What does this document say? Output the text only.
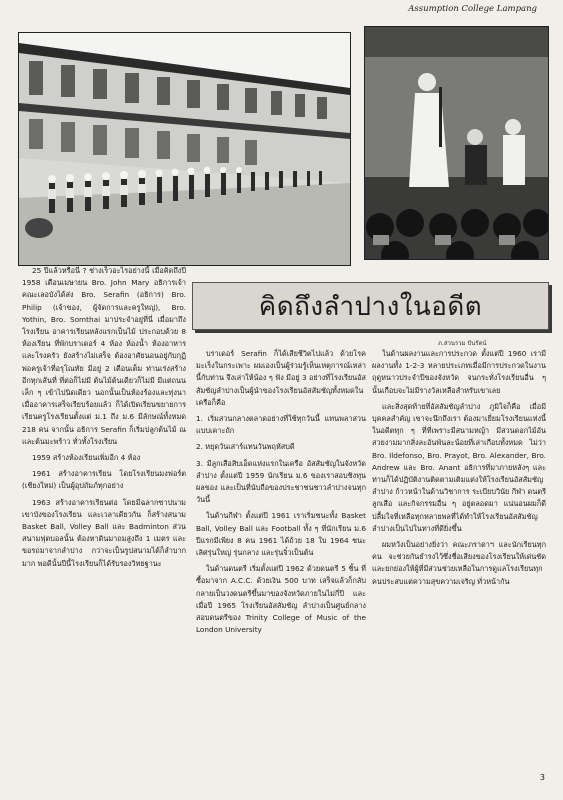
Assumption College Lampang
คิดถึงลำปางในอดีต
ภ.ส่วนรวม ปันรัตน์

25 ปีแล้วหรือนี่ ? ช่างเร็วอะไรอย่างนี้ เมื่อคิดถึงปี 1958 เดือนเมษายน Bro. John Mary อธิการเจ้าคณะเลอบังได้ส่ง Bro. Serafin (อธิการ) Bro. Philip (เจ้าของ, ผู้จัดการและครูใหญ่), Bro. Yothin, Bro. Somthai มาประจำอยู่ที่นี่ เมื่อมาถึงโรงเรียน อาคารเรียนหลังแรกเป็นไม้ ประกอบด้วย 8 ห้องเรียน ที่พักบราเดอร์ 4 ห้อง ห้องน้ำ ห้องอาหาร และโรงครัว ยังสร้างไม่เสร็จ ต้องอาศัยนอนอยู่กับกุฏิพ่อครูเจ้าที่อรุโณทัย มีอยู่ 2 เดือนเต็ม ท่านเร่งสร้างอีกทุกเส้นที่ ที่ต่อก็ไม่มี ต้นไม้ต้นเดียวก็ไม่มี มีแต่ถนนเล็ก ๆ เข้าไปนิดเดียว นอกนั้นเป็นห้องร้องและทุ่งนา เมื่ออาคารเสร็จเรียบร้อยแล้ว ก็ได้เปิดเรียนขยายการเรียนครูโรงเรียนตั้งแต่ ม.1 ถึง ม.6 มีลักษณ์ทั้งหมด 218 คน จากนั้น อธิการ Serafin ก็เริ่มปลูกต้นไม้ ณ และต้นมะพร้าว ทั่วทั้งโรงเรียน

1959 สร้างห้องเรียนเพิ่มอีก 4 ห้อง

1961 สร้างอาคารเรียน โดยโรงเรียนมงฟอร์ต (เชียงใหม่) เป็นผู้อุปถัมภ์ทุกอย่าง

1963 สร้างอาคารเรียนต่อ โดยมีฉลากซาปนามเขาบังของโรงเรียน และเวลาเดียวกัน ก็สร้างสนาม Basket Ball, Volley Ball และ Badminton ส่วนสนามฟุตบอลนั้น ต้องหาดินมาถมสูงถึง 1 เมตร และขอรถมาจากลำปาง กว่าจะเป็นรูปสนามได้ก็ลำบากมาก พอดีนั้นปีนี้โรงเรียนก็ได้รับรองวิทยฐานะ

บราเดอร์ Serafin ก็ได้เสียชีวิตไปแล้ว ด้วยโรคมะเร็งในกระเพาะ ผมเองเป็นผู้ร่วมรู้เห็นเหตุการณ์เหล่านี้กับท่าน จึงเล่าให้น้อง ๆ ฟัง มีอยู่ 3 อย่างที่โรงเรียนอัสสัมชัญลำปางเป็นผู้นำของโรงเรียนอัสสัมชัญทั้งหมดในเครือก็คือ

1. เริ่มสวนกลางตลาดอย่างที่ใช้ทุกวันนี้ แทนพลาสวนแบบเคาะถัก

2. หยุดวันเสาร์แทนวันพฤหัสบดี

3. มีลูกเสือสิบเอ็ดแห่งแรกในเครือ อัสสัมชัญในจังหวัดลำปาง ตั้งแต่ปี 1959 นักเรียน ม.6 ของเราสอบชิงทุนผลของ และเป็นที่นับถือของประชาชนชาวลำปางจนทุกวันนี้

ในด้านกีฬา ตั้งแต่ปี 1961 เราเริ่มชนะทั้ง Basket Ball, Volley Ball และ Football ทั้ง ๆ ที่นักเรียน ม.6 ปีแรกมีเพียง 8 คน 1961 ได้ถ้วย 18 ใบ 1964 ชนะเลิศรุ่นใหญ่ รุ่นกลาง และรุ่นจิ๋วเป็นต้น

ในด้านดนตรี เริ่มตั้งแต่ปี 1962 ด้วยดนตรี 5 ชิ้น ที่ซื้อมาจาก A.C.C. ด้วยเงิน 500 บาท เสร็จแล้วก็กลับกลายเป็นวงดนตรีขึ้นมาของจังหวัดภายในไม่กี่ปี และเมื่อปี 1965 โรงเรียนอัสสัมชัญ ลำปางเป็นศูนย์กลางสอบดนตรีของ Trinity College of Music of the London University

ในด้านผลงานและการประกวด ตั้งแต่ปี 1960 เรามีผลงานทั้ง 1-2-3 หลายประเภทเมื่อมีการประกวดในงานฤดูหนาวประจำปีของจังหวัด จนกระทั่งโรงเรียนอื่น ๆ นั้นเกือบจะไม่มีรางวัลเหลือสำหรับเขาเลย

และสิ่งสุดท้ายที่อัสสัมชัญลำปาง ภูมิใจก็คือ เมื่อมีบุคคลสำคัญ เขาจะนึกถึงเรา ต้องมาเยี่ยมโรงเรียนแห่งนี้ในอดีตทุก ๆ ที่ที่เพราะมีสนามหญ้า มีสวนดอกไม้อันสวยงามมากสิ่งละอันพันละน้อยที่เล่าเกือบทั้งหมด ไม่ว่า Bro. Ildefonso, Bro. Prayot, Bro. Alexander, Bro. Andrew และ Bro. Anant อธิการที่มาภายหลังๆ และท่านก็ได้ปฏิบัติงานติดตามเติมแต่งให้โรงเรียนอัสสัมชัญลำปาง ก้าวหน้าในด้านวิชาการ ระเบียบวินัย กีฬา ดนตรี ลูกเสือ และกิจกรรมอื่น ๆ อยู่ตลอดมา แน่นอนผมก็ดี ปลื้มใจที่เหลือทุกหลายพลที่ได้ทำให้โรงเรียนอัสสัมชัญลำปางเป็นไปในทางที่ดียิ่งขึ้น

ผมหวังเป็นอย่างยิ่งว่า คณะภราดาฯ และนักเรียนทุกคน จะช่วยกันธำรงไว้ซึ่งชื่อเสียงของโรงเรียนให้เด่นชัด และยกย่องให้ผู้ที่มีส่วนช่วยเหลือในการดูแลโรงเรียนทุกคนประสบแต่ความสุขความเจริญ ทั่วหน้ากัน

3
